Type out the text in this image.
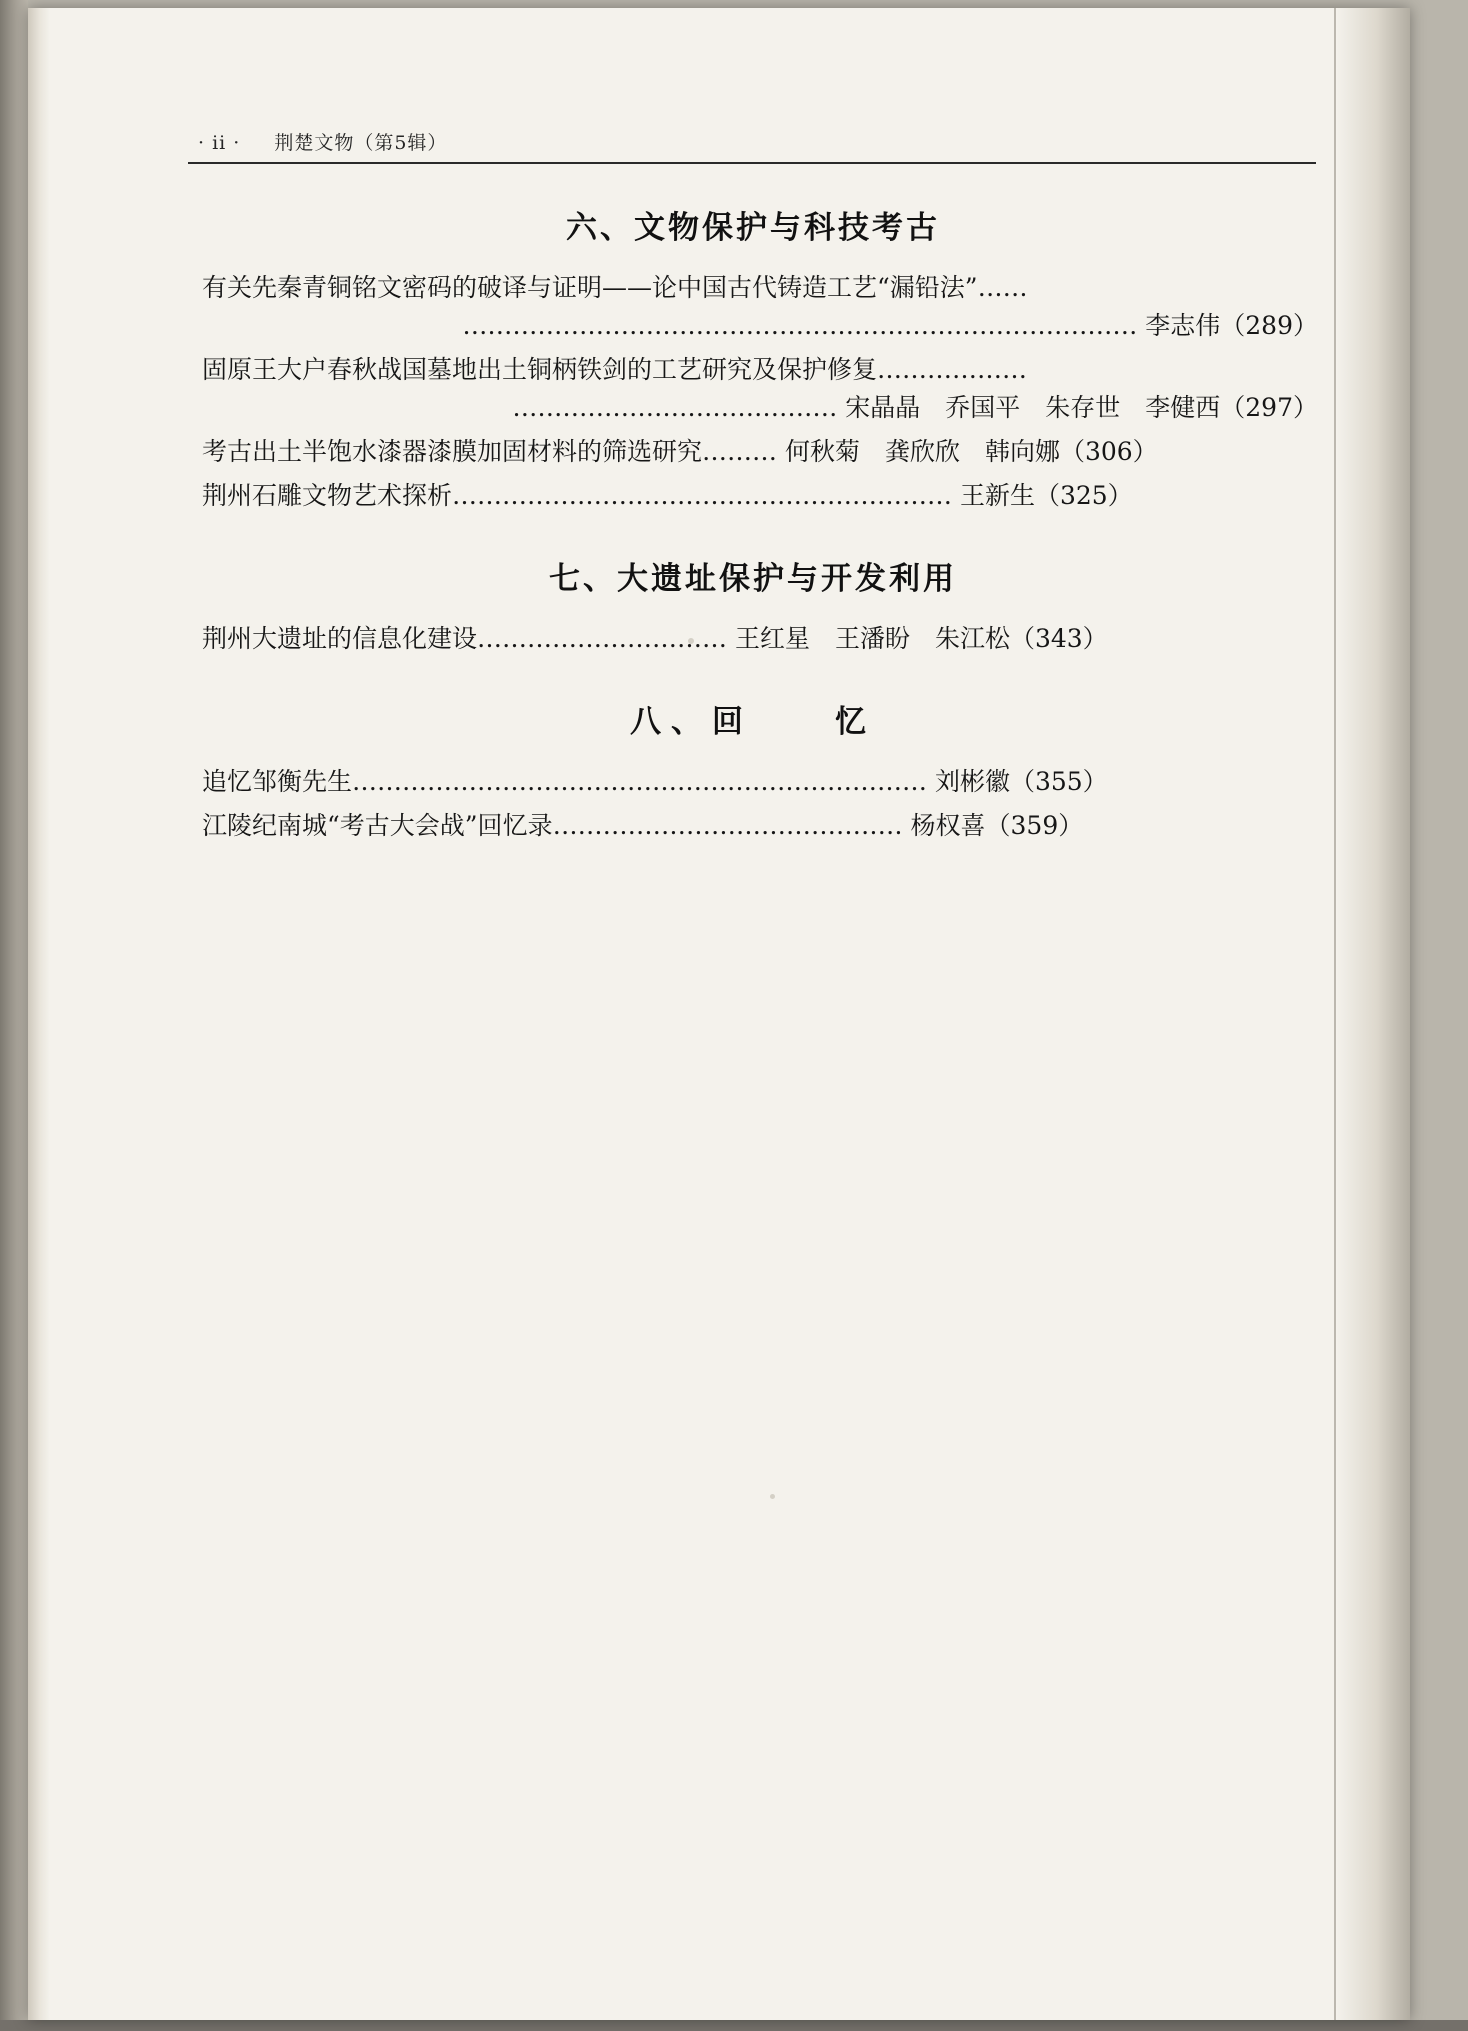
· ii · 荆楚文物（第5辑）
六、文物保护与科技考古
有关先秦青铜铭文密码的破译与证明——论中国古代铸造工艺“漏铅法”……
……………………………………………………………………… 李志伟（289）
固原王大户春秋战国墓地出土铜柄铁剑的工艺研究及保护修复………………
………………………………… 宋晶晶　乔国平　朱存世　李健西（297）
考古出土半饱水漆器漆膜加固材料的筛选研究……… 何秋菊　龚欣欣　韩向娜（306）
荆州石雕文物艺术探析…………………………………………………… 王新生（325）
七、大遗址保护与开发利用
荆州大遗址的信息化建设………………………… 王红星　王潘盼　朱江松（343）
八、回　　忆
追忆邹衡先生…………………………………………………………… 刘彬徽（355）
江陵纪南城“考古大会战”回忆录…………………………………… 杨权喜（359）
